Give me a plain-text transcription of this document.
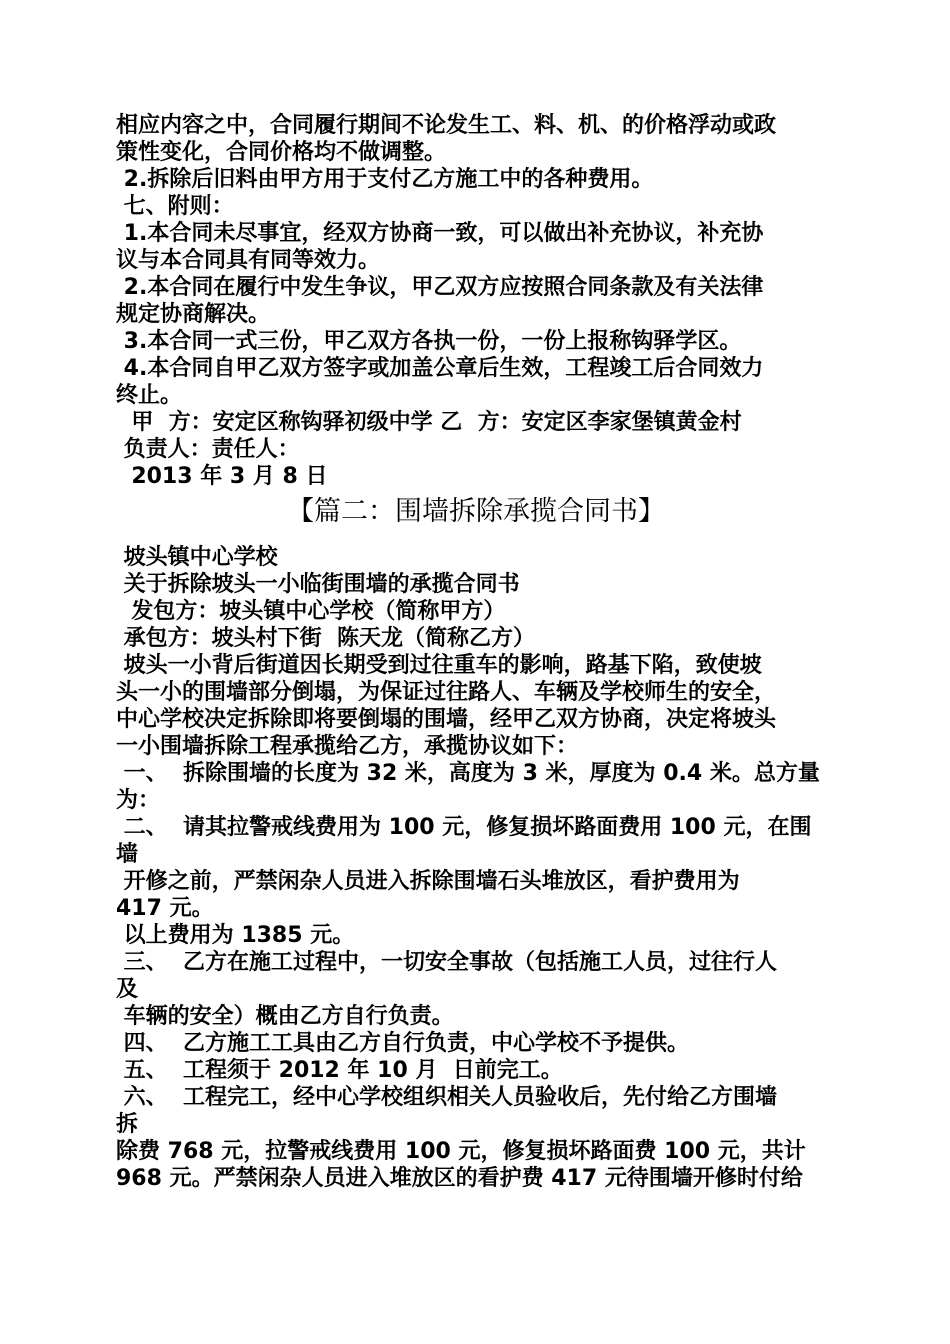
相应内容之中，合同履行期间不论发生工、料、机、的价格浮动或政

策性变化，合同价格均不做调整。

2.拆除后旧料由甲方用于支付乙方施工中的各种费用。

七、附则：

1.本合同未尽事宜，经双方协商一致，可以做出补充协议，补充协

议与本合同具有同等效力。

2.本合同在履行中发生争议，甲乙双方应按照合同条款及有关法律

规定协商解决。

3.本合同一式三份，甲乙双方各执一份，一份上报称钩驿学区。

4.本合同自甲乙双方签字或加盖公章后生效，工程竣工后合同效力

终止。

甲  方：安定区称钩驿初级中学 乙  方：安定区李家堡镇黄金村

负责人：责任人：

2013 年 3 月 8 日

【篇二：围墙拆除承揽合同书】

坡头镇中心学校

关于拆除坡头一小临街围墙的承揽合同书

发包方：坡头镇中心学校（简称甲方）

承包方：坡头村下街  陈天龙（简称乙方）

坡头一小背后街道因长期受到过往重车的影响，路基下陷，致使坡

头一小的围墙部分倒塌，为保证过往路人、车辆及学校师生的安全，

中心学校决定拆除即将要倒塌的围墙，经甲乙双方协商，决定将坡头

一小围墙拆除工程承揽给乙方，承揽协议如下：

一、  拆除围墙的长度为 32 米，高度为 3 米，厚度为 0.4 米。总方量

为：

二、  请其拉警戒线费用为 100 元，修复损坏路面费用 100 元，在围

墙

开修之前，严禁闲杂人员进入拆除围墙石头堆放区，看护费用为

417 元。

以上费用为 1385 元。

三、  乙方在施工过程中，一切安全事故（包括施工人员，过往行人

及

车辆的安全）概由乙方自行负责。

四、  乙方施工工具由乙方自行负责，中心学校不予提供。

五、  工程须于 2012 年 10 月  日前完工。

六、  工程完工，经中心学校组织相关人员验收后，先付给乙方围墙

拆

除费 768 元，拉警戒线费用 100 元，修复损坏路面费 100 元，共计

968 元。严禁闲杂人员进入堆放区的看护费 417 元待围墙开修时付给
